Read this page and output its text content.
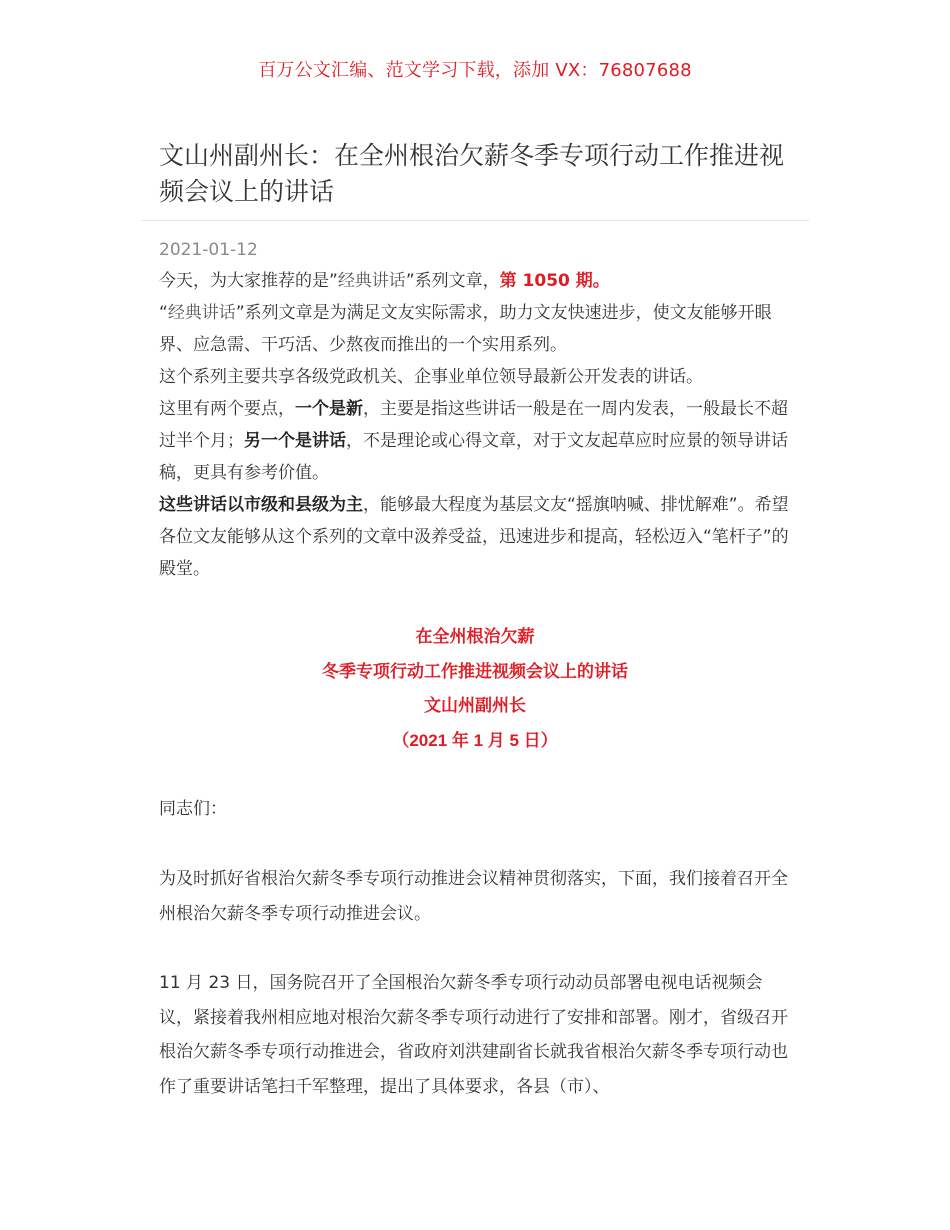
百万公文汇编、范文学习下载，添加 VX：76807688
文山州副州长：在全州根治欠薪冬季专项行动工作推进视频会议上的讲话
2021-01-12

今天，为大家推荐的是”经典讲话”系列文章，第 1050 期。

“经典讲话”系列文章是为满足文友实际需求，助力文友快速进步，使文友能够开眼界、应急需、干巧活、少熬夜而推出的一个实用系列。

这个系列主要共享各级党政机关、企事业单位领导最新公开发表的讲话。

这里有两个要点，一个是新，主要是指这些讲话一般是在一周内发表，一般最长不超过半个月；另一个是讲话，不是理论或心得文章，对于文友起草应时应景的领导讲话稿，更具有参考价值。

这些讲话以市级和县级为主，能够最大程度为基层文友“摇旗呐喊、排忧解难”。希望各位文友能够从这个系列的文章中汲养受益，迅速进步和提高，轻松迈入“笔杆子”的殿堂。

在全州根治欠薪
冬季专项行动工作推进视频会议上的讲话
文山州副州长
（2021 年 1 月 5 日）

同志们：

为及时抓好省根治欠薪冬季专项行动推进会议精神贯彻落实，下面，我们接着召开全州根治欠薪冬季专项行动推进会议。

11 月 23 日，国务院召开了全国根治欠薪冬季专项行动动员部署电视电话视频会议，紧接着我州相应地对根治欠薪冬季专项行动进行了安排和部署。刚才，省级召开根治欠薪冬季专项行动推进会，省政府刘洪建副省长就我省根治欠薪冬季专项行动也作了重要讲话笔扫千军整理，提出了具体要求，各县（市）、
